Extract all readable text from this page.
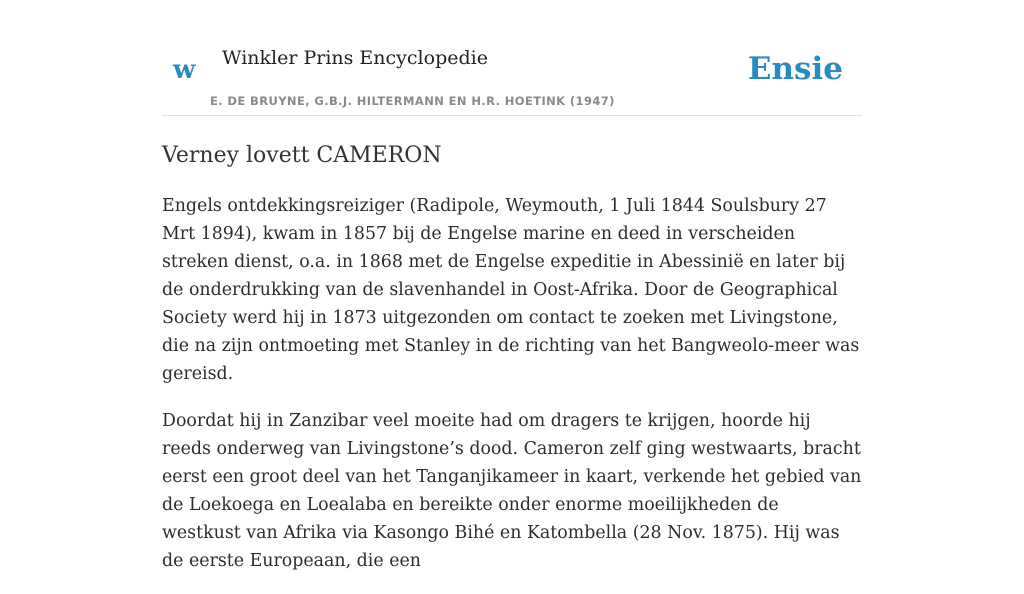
w Winkler Prins Encyclopedie
E. DE BRUYNE, G.B.J. HILTERMANN EN H.R. HOETINK (1947)
Ensie
Verney lovett CAMERON

Engels ontdekkingsreiziger (Radipole, Weymouth, 1 Juli 1844 Soulsbury 27 Mrt 1894), kwam in 1857 bij de Engelse marine en deed in verscheiden streken dienst, o.a. in 1868 met de Engelse expeditie in Abessinië en later bij de onderdrukking van de slavenhandel in Oost-Afrika. Door de Geographical Society werd hij in 1873 uitgezonden om contact te zoeken met Livingstone, die na zijn ontmoeting met Stanley in de richting van het Bangweolo-meer was gereisd.

Doordat hij in Zanzibar veel moeite had om dragers te krijgen, hoorde hij reeds onderweg van Livingstone’s dood. Cameron zelf ging westwaarts, bracht eerst een groot deel van het Tanganjikameer in kaart, verkende het gebied van de Loekoega en Loealaba en bereikte onder enorme moeilijkheden de westkust van Afrika via Kasongo Bihé en Katombella (28 Nov. 1875). Hij was de eerste Europeaan, die een
